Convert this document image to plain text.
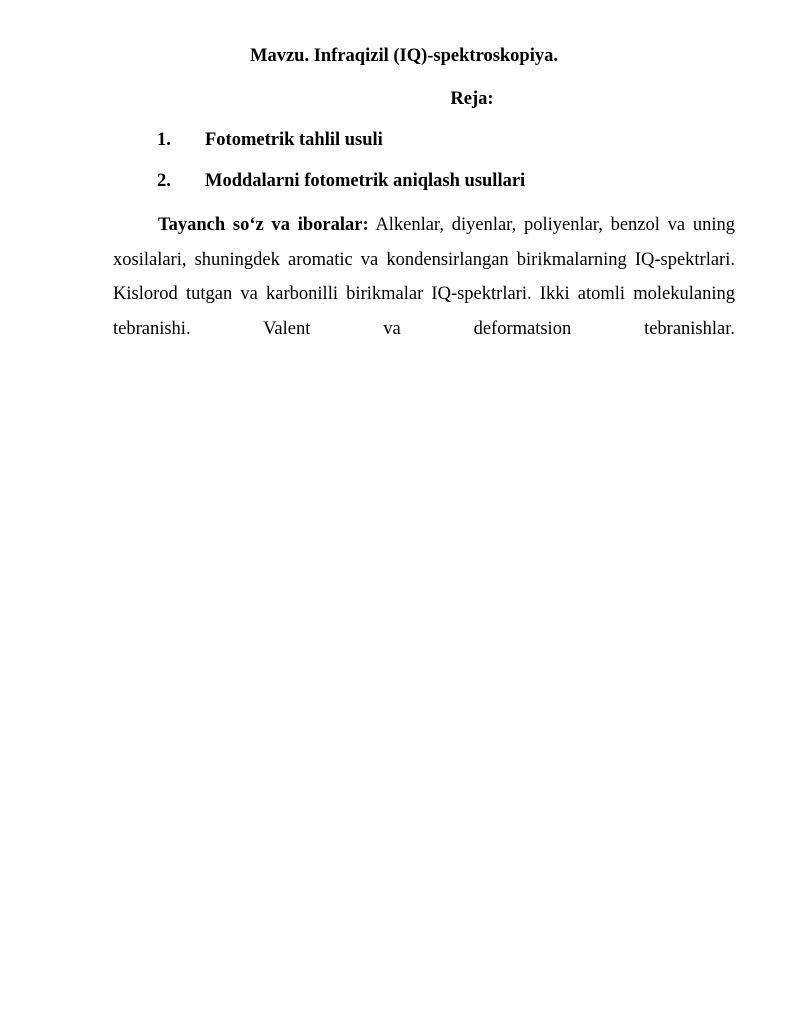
Mavzu. Infraqizil (IQ)-spektroskopiya.
Reja:
1. Fotometrik tahlil usuli
2. Moddalarni fotometrik aniqlash usullari

Tayanch so‘z va iboralar: Alkenlar, diyenlar, poliyenlar, benzol va uning xosilalari, shuningdek aromatic va kondensirlangan birikmalarning IQ-spektrlari. Kislorod tutgan va karbonilli birikmalar IQ-spektrlari. Ikki atomli molekulaning tebranishi. Valent va deformatsion tebranishlar.
